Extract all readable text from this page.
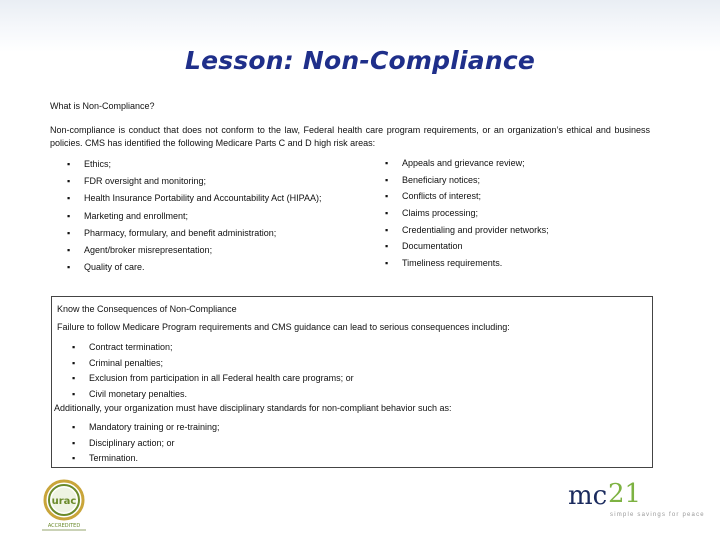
Lesson: Non-Compliance
What is Non-Compliance?
Non-compliance is conduct that does not conform to the law, Federal health care program requirements, or an organization’s ethical and business policies. CMS has identified the following Medicare Parts C and D high risk areas:
▪ Ethics;
▪ FDR oversight and monitoring;
▪ Health Insurance Portability and Accountability Act (HIPAA);
▪ Marketing and enrollment;
▪ Pharmacy, formulary, and benefit administration;
▪ Agent/broker misrepresentation;
▪ Quality of care.
▪ Appeals and grievance review;
▪ Beneficiary notices;
▪ Conflicts of interest;
▪ Claims processing;
▪ Credentialing and provider networks;
▪ Documentation
▪ Timeliness requirements.
Know the Consequences of Non-Compliance
Failure to follow Medicare Program requirements and CMS guidance can lead to serious consequences including:
▪ Contract termination;
▪ Criminal penalties;
▪ Exclusion from participation in all Federal health care programs; or
▪ Civil monetary penalties.
Additionally, your organization must have disciplinary standards for non-compliant behavior such as:
▪ Mandatory training or re-training;
▪ Disciplinary action; or
▪ Termination.
urac
ACCREDITED
mc 21
simple savings for peace
